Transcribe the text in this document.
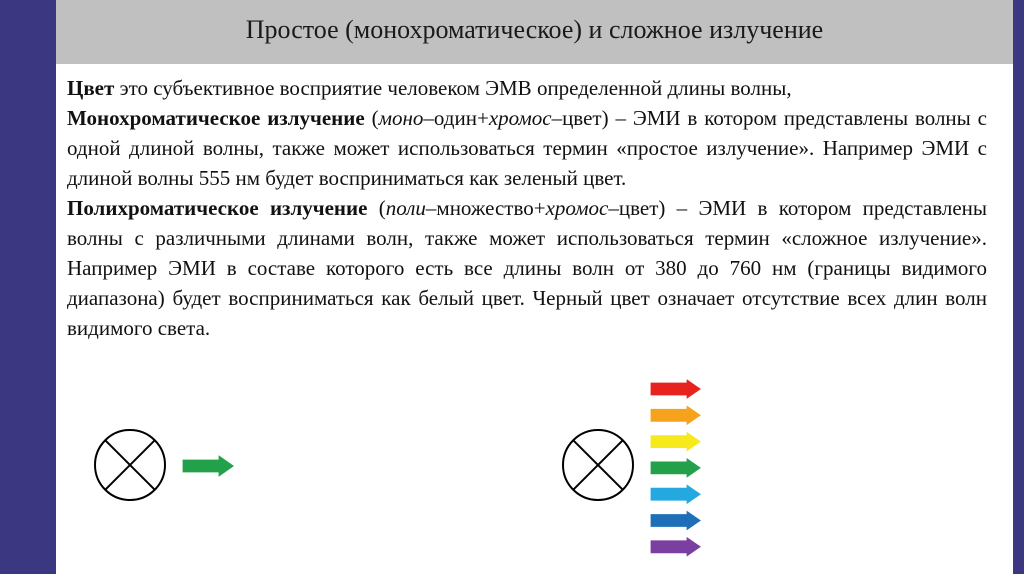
Простое (монохроматическое) и сложное излучение

Цвет это субъективное восприятие человеком ЭМВ определенной длины волны,

Монохроматическое излучение (моно–один+хромос–цвет) – ЭМИ в котором представлены волны с одной длиной волны, также может использоваться термин «простое излучение». Например ЭМИ с длиной волны 555 нм будет восприниматься как зеленый цвет.

Полихроматическое излучение (поли–множество+хромос–цвет) – ЭМИ в котором представлены волны с различными длинами волн, также может использоваться термин «сложное излучение». Например ЭМИ в составе которого есть все длины волн от 380 до 760 нм (границы видимого диапазона) будет восприниматься как белый цвет. Черный цвет означает отсутствие всех длин волн видимого света.
